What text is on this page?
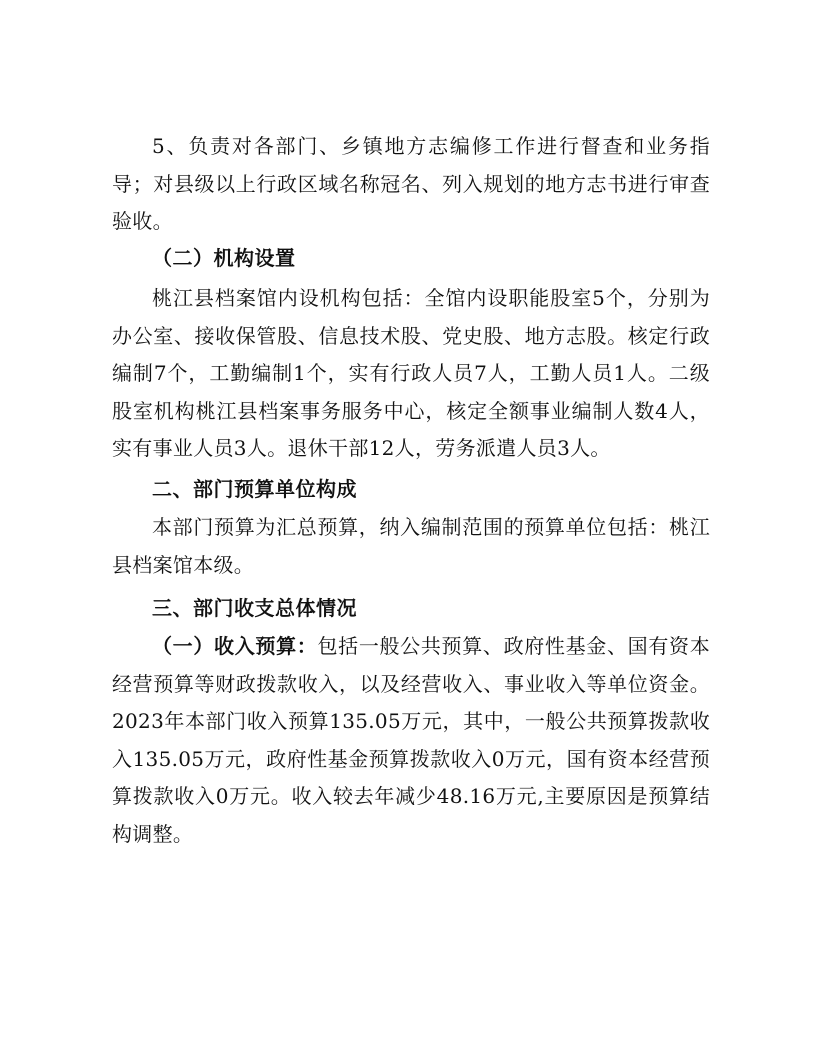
5、负责对各部门、乡镇地方志编修工作进行督查和业务指导；对县级以上行政区域名称冠名、列入规划的地方志书进行审查验收。

（二）机构设置

桃江县档案馆内设机构包括：全馆内设职能股室5个，分别为办公室、接收保管股、信息技术股、党史股、地方志股。核定行政编制7个，工勤编制1个，实有行政人员7人，工勤人员1人。二级股室机构桃江县档案事务服务中心，核定全额事业编制人数4人，实有事业人员3人。退休干部12人，劳务派遣人员3人。

二、部门预算单位构成

本部门预算为汇总预算，纳入编制范围的预算单位包括：桃江县档案馆本级。

三、部门收支总体情况

（一）收入预算：包括一般公共预算、政府性基金、国有资本经营预算等财政拨款收入，以及经营收入、事业收入等单位资金。2023年本部门收入预算135.05万元，其中，一般公共预算拨款收入135.05万元，政府性基金预算拨款收入0万元，国有资本经营预算拨款收入0万元。收入较去年减少48.16万元,主要原因是预算结构调整。
